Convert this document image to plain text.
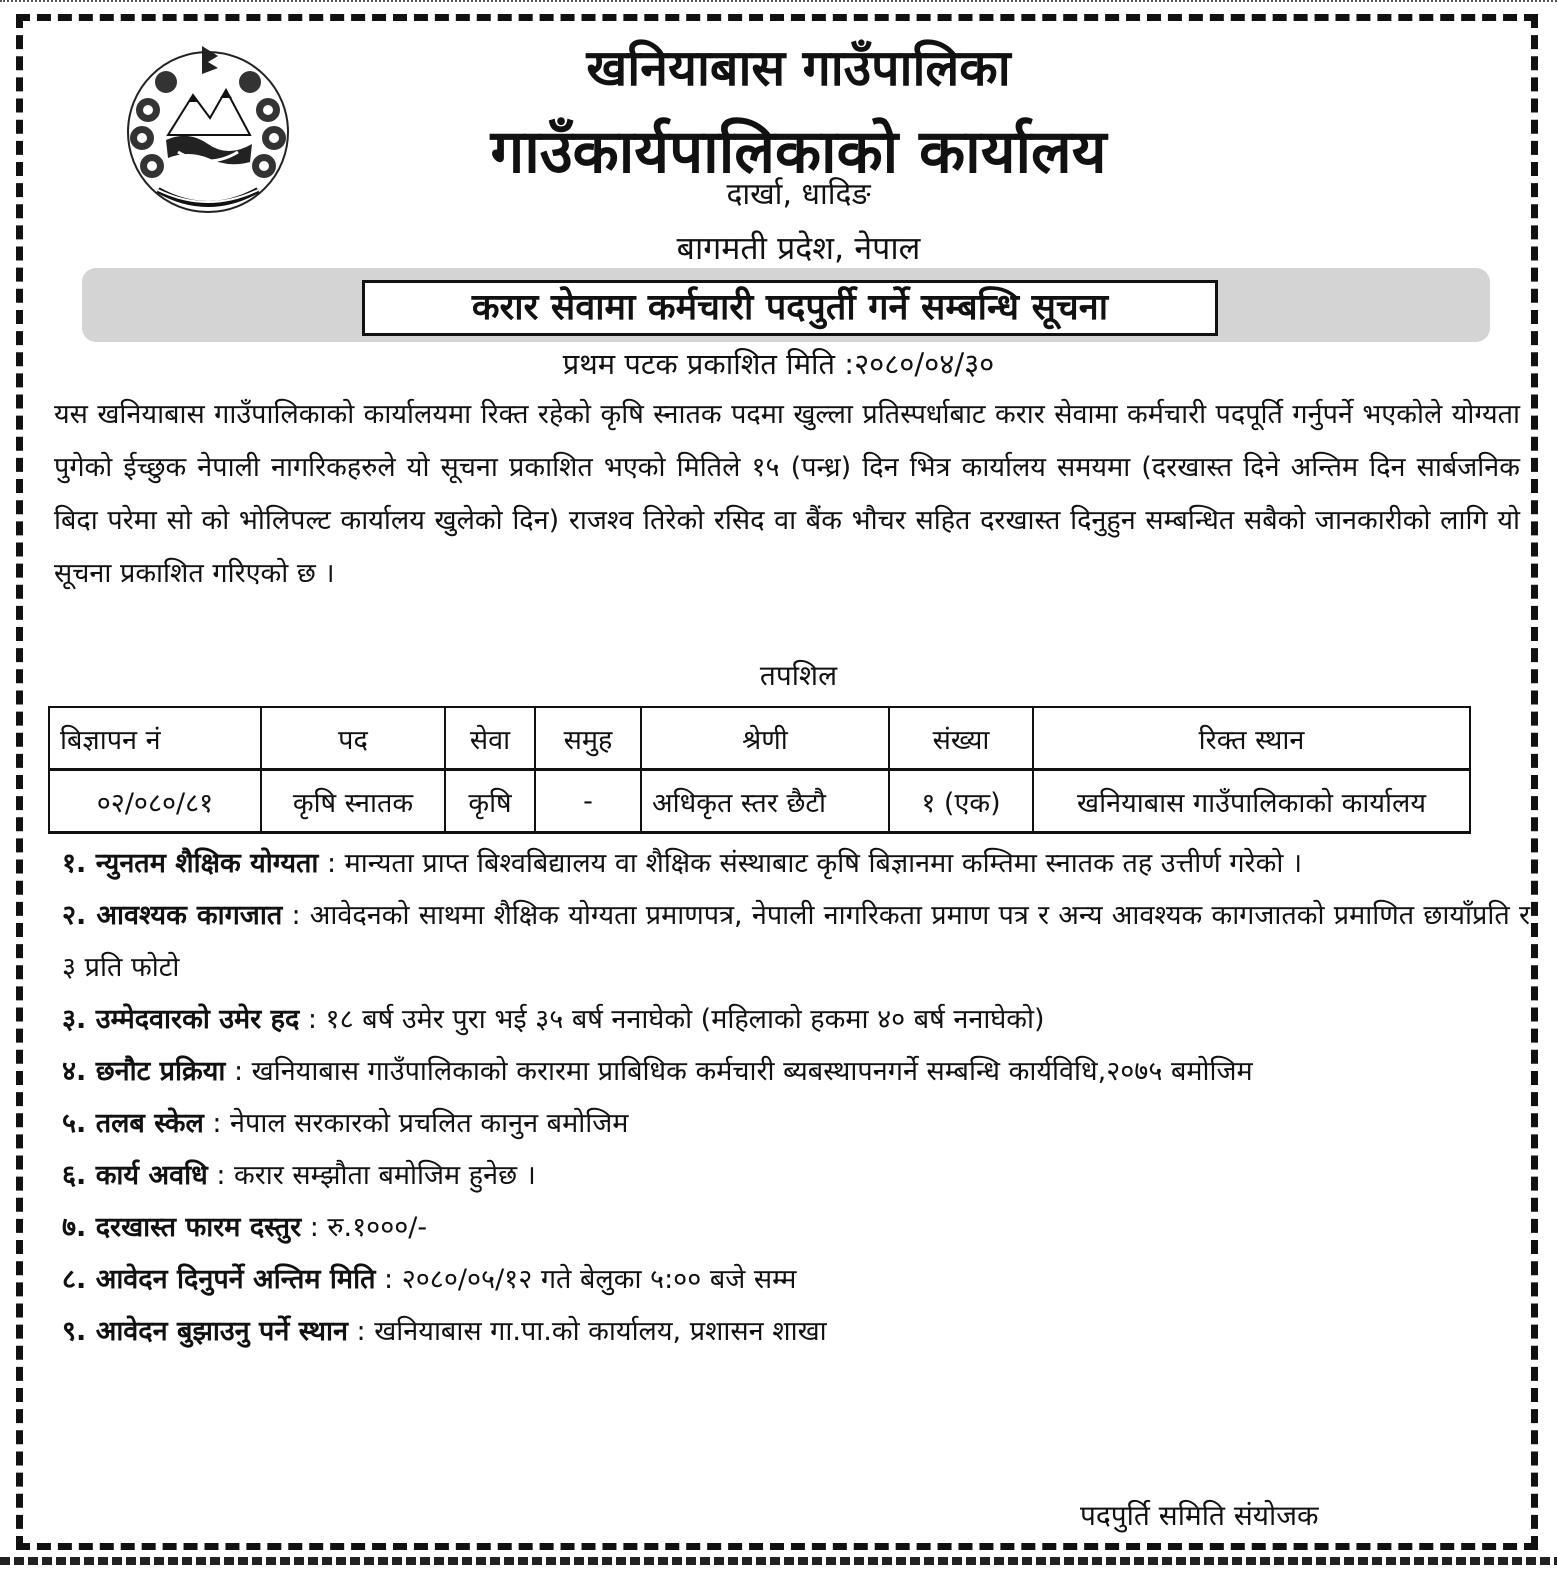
खनियाबास गाउँपालिका
गाउँकार्यपालिकाको कार्यालय
दार्खा, धादिङ
बागमती प्रदेश, नेपाल
करार सेवामा कर्मचारी पदपुर्ती गर्ने सम्बन्धि सूचना
प्रथम पटक प्रकाशित मिति :२०८०/०४/३०
यस खनियाबास गाउँपालिकाको कार्यालयमा रिक्त रहेको कृषि स्नातक पदमा खुल्ला प्रतिस्पर्धाबाट करार सेवामा कर्मचारी पदपूर्ति गर्नुपर्ने भएकोले योग्यता पुगेको ईच्छुक नेपाली नागरिकहरुले यो सूचना प्रकाशित भएको मितिले १५ (पन्ध्र) दिन भित्र कार्यालय समयमा (दरखास्त दिने अन्तिम दिन सार्बजनिक बिदा परेमा सो को भोलिपल्ट कार्यालय खुलेको दिन) राजश्व तिरेको रसिद वा बैंक भौचर सहित दरखास्त दिनुहुन सम्बन्धित सबैको जानकारीको लागि यो सूचना प्रकाशित गरिएको छ ।
तपशिल
बिज्ञापन नं	पद	सेवा	समुह	श्रेणी	संख्या	रिक्त स्थान
०२/०८०/८१	कृषि स्नातक	कृषि	-	अधिकृत स्तर छैटौ	१ (एक)	खनियाबास गाउँपालिकाको कार्यालय
१. न्युनतम शैक्षिक योग्यता : मान्यता प्राप्त बिश्वबिद्यालय वा शैक्षिक संस्थाबाट कृषि बिज्ञानमा कम्तिमा स्नातक तह उत्तीर्ण गरेको ।
२. आवश्यक कागजात : आवेदनको साथमा शैक्षिक योग्यता प्रमाणपत्र, नेपाली नागरिकता प्रमाण पत्र र अन्य आवश्यक कागजातको प्रमाणित छायाँप्रति र ३ प्रति फोटो
३. उम्मेदवारको उमेर हद : १८ बर्ष उमेर पुरा भई ३५ बर्ष ननाघेको (महिलाको हकमा ४० बर्ष ननाघेको)
४. छनौट प्रक्रिया : खनियाबास गाउँपालिकाको करारमा प्राबिधिक कर्मचारी ब्यबस्थापनगर्ने सम्बन्धि कार्यविधि,२०७५ बमोजिम
५. तलब स्केल : नेपाल सरकारको प्रचलित कानुन बमोजिम
६. कार्य अवधि : करार सम्झौता बमोजिम हुनेछ ।
७. दरखास्त फारम दस्तुर : रु.१०००/-
८. आवेदन दिनुपर्ने अन्तिम मिति : २०८०/०५/१२ गते बेलुका ५:०० बजे सम्म
९. आवेदन बुझाउनु पर्ने स्थान : खनियाबास गा.पा.को कार्यालय, प्रशासन शाखा
पदपुर्ति समिति संयोजक
